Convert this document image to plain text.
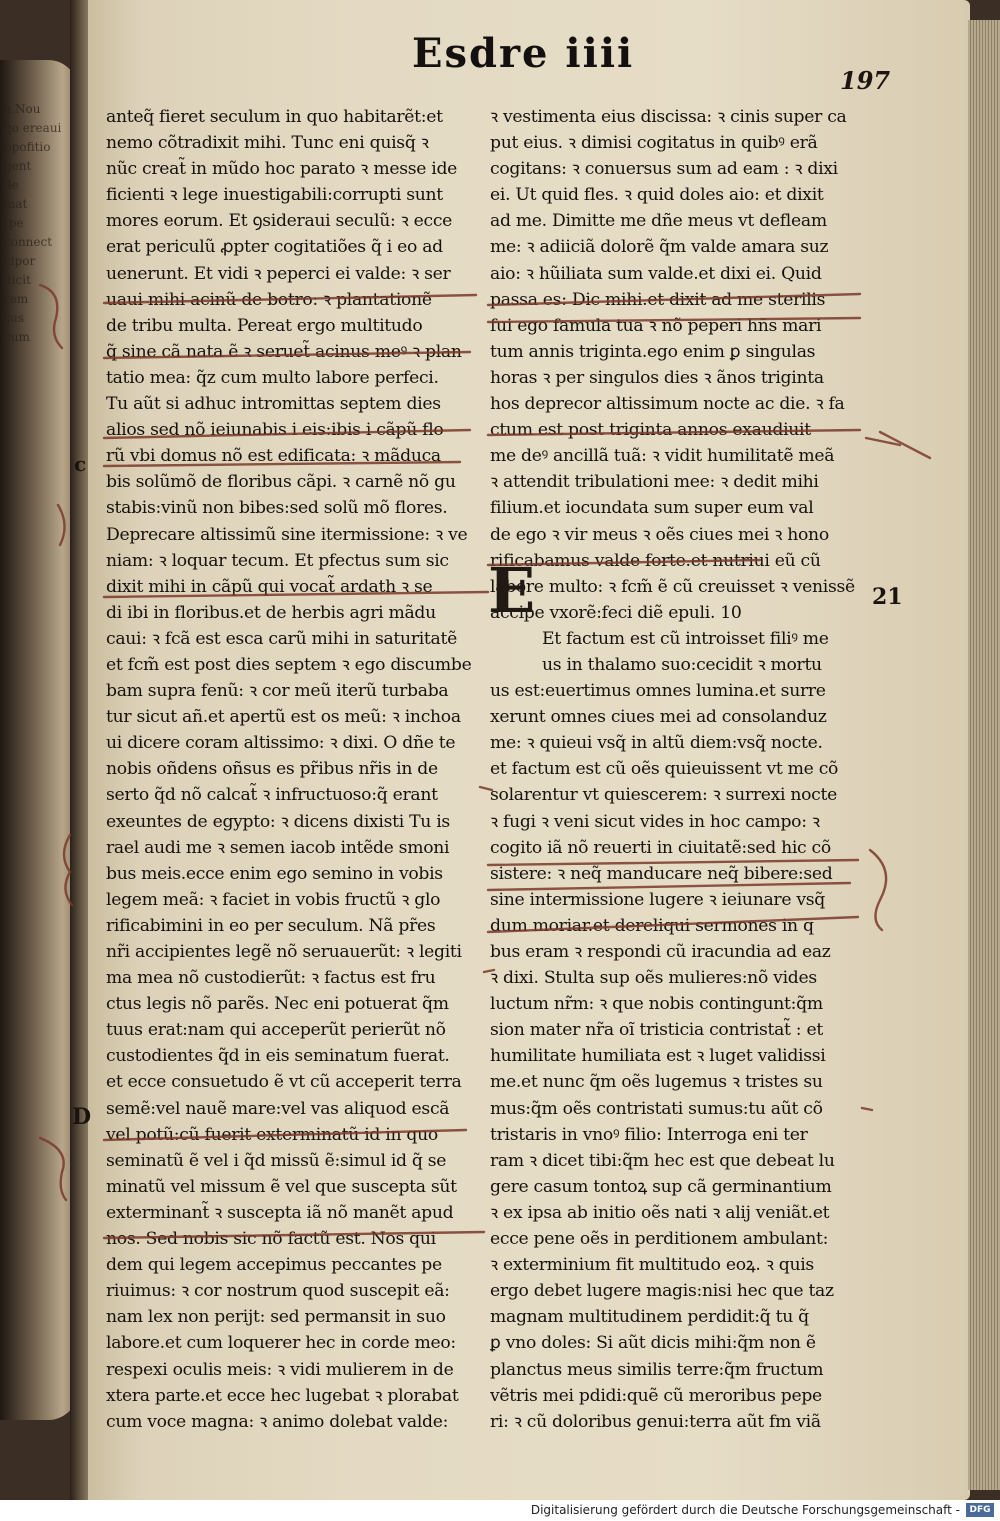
a Nou
q̃o ereaui
ppofitio
gent
de
mat
tpe
connect
cipor
dicit
rem
sus
cum
Esdre iiii
197
anteq̃ fieret seculum in quo habitarẽt:et
nemo cõtradixit mihi. Tunc eni quisq̃ ꝛ
nũc creat̃ in mũdo hoc parato ꝛ messe ide
ficienti ꝛ lege inuestigabili:corrupti sunt
mores eorum. Et ꝯsideraui seculũ: ꝛ ecce
erat periculũ ꝓpter cogitatiões q̃ i eo ad
uenerunt. Et vidi ꝛ peperci ei valde: ꝛ ser
uaui mihi acinũ de botro: ꝛ plantationẽ
de tribu multa. Pereat ergo multitudo
q̃ sine cã nata ẽ ꝛ seruet̃ acinus meꝰ ꝛ plan
tatio mea: q̃z cum multo labore perfeci.
Tu aũt si adhuc intromittas septem dies
alios sed nõ ieiunabis i eis:ibis i cãpũ flo
rũ vbi domus nõ est edificata: ꝛ mãduca
bis solũmõ de floribus cãpi. ꝛ carnẽ nõ gu
stabis:vinũ non bibes:sed solũ mõ flores.
Deprecare altissimũ sine itermissione: ꝛ ve
niam: ꝛ loquar tecum. Et pfectus sum sic
dixit mihi in cãpũ qui vocat̃ ardath ꝛ se
di ibi in floribus.et de herbis agri mãdu
caui: ꝛ fcã est esca carũ mihi in saturitatẽ
et fcm̃ est post dies septem ꝛ ego discumbe
bam supra fenũ: ꝛ cor meũ iterũ turbaba
tur sicut añ.et apertũ est os meũ: ꝛ inchoa
ui dicere coram altissimo: ꝛ dixi. O dñe te
nobis oñdens oñsus es pr̃ibus nr̃is in de
serto q̃d nõ calcat̃ ꝛ infructuoso:q̃ erant
exeuntes de egypto: ꝛ dicens dixisti Tu is
rael audi me ꝛ semen iacob intẽde smoni
bus meis.ecce enim ego semino in vobis
legem meã: ꝛ faciet in vobis fructũ ꝛ glo
rificabimini in eo per seculum. Nã pr̃es
nr̃i accipientes legẽ nõ seruauerũt: ꝛ legiti
ma mea nõ custodierũt: ꝛ factus est fru
ctus legis nõ parẽs. Nec eni potuerat q̃m
tuus erat:nam qui acceperũt perierũt nõ
custodientes q̃d in eis seminatum fuerat.
et ecce consuetudo ẽ vt cũ acceperit terra
semẽ:vel nauẽ mare:vel vas aliquod escã
vel potũ:cũ fuerit exterminatũ id in quo
seminatũ ẽ vel i q̃d missũ ẽ:simul id q̃ se
minatũ vel missum ẽ vel que suscepta sũt
exterminant̃ ꝛ suscepta iã nõ manẽt apud
nos. Sed nobis sic nõ factũ est. Nos qui
dem qui legem accepimus peccantes pe
riuimus: ꝛ cor nostrum quod suscepit eã:
nam lex non perijt: sed permansit in suo
labore.et cum loquerer hec in corde meo:
respexi oculis meis: ꝛ vidi mulierem in de
xtera parte.et ecce hec lugebat ꝛ plorabat
cum voce magna: ꝛ animo dolebat valde:
ꝛ vestimenta eius discissa: ꝛ cinis super ca
put eius. ꝛ dimisi cogitatus in quibꝰ erã
cogitans: ꝛ conuersus sum ad eam : ꝛ dixi
ei. Ut quid fles. ꝛ quid doles aio: et dixit
ad me. Dimitte me dñe meus vt defleam
me: ꝛ adiiciã dolorẽ q̃m valde amara suz
aio: ꝛ hũiliata sum valde.et dixi ei. Quid
passa es: Dic mihi.et dixit ad me sterilis
fui ego famula tua ꝛ nõ peperi hñs mari
tum annis triginta.ego enim ꝑ singulas
horas ꝛ per singulos dies ꝛ ãnos triginta
hos deprecor altissimum nocte ac die. ꝛ fa
ctum est post triginta annos exaudiuit
me deꝰ ancillã tuã: ꝛ vidit humilitatẽ meã
ꝛ attendit tribulationi mee: ꝛ dedit mihi
filium.et iocundata sum super eum val
de ego ꝛ vir meus ꝛ oẽs ciues mei ꝛ hono
rificabamus valde forte.et nutriui eũ cũ
labore multo: ꝛ fcm̃ ẽ cũ creuisset ꝛ venissẽ
accipe vxorẽ:feci diẽ epuli. 10
Et factum est cũ introisset filiꝰ me
us in thalamo suo:cecidit ꝛ mortu
us est:euertimus omnes lumina.et surre
xerunt omnes ciues mei ad consolanduz
me: ꝛ quieui vsq̃ in altũ diem:vsq̃ nocte.
et factum est cũ oẽs quieuissent vt me cõ
solarentur vt quiescerem: ꝛ surrexi nocte
ꝛ fugi ꝛ veni sicut vides in hoc campo: ꝛ
cogito iã nõ reuerti in ciuitatẽ:sed hic cõ
sistere: ꝛ neq̃ manducare neq̃ bibere:sed
sine intermissione lugere ꝛ ieiunare vsq̃
dum moriar.et dereliqui sermones in q
bus eram ꝛ respondi cũ iracundia ad eaz
ꝛ dixi. Stulta sup oẽs mulieres:nõ vides
luctum nr̃m: ꝛ que nobis contingunt:q̃m
sion mater nr̃a oĩ tristicia contristat̃ : et
humilitate humiliata est ꝛ luget validissi
me.et nunc q̃m oẽs lugemus ꝛ tristes su
mus:q̃m oẽs contristati sumus:tu aũt cõ
tristaris in vnoꝰ filio: Interroga eni ter
ram ꝛ dicet tibi:q̃m hec est que debeat lu
gere casum tontoꝝ sup cã germinantium
ꝛ ex ipsa ab initio oẽs nati ꝛ alij veniãt.et
ecce pene oẽs in perditionem ambulant:
ꝛ exterminium fit multitudo eoꝝ. ꝛ quis
ergo debet lugere magis:nisi hec que taz
magnam multitudinem perdidit:q̃ tu q̃
ꝑ vno doles: Si aũt dicis mihi:q̃m non ẽ
planctus meus similis terre:q̃m fructum
vẽtris mei pdidi:quẽ cũ meroribus pepe
ri: ꝛ cũ doloribus genui:terra aũt fm viã
c
D
21
E
Digitalisierung gefördert durch die Deutsche Forschungsgemeinschaft -	DFG
